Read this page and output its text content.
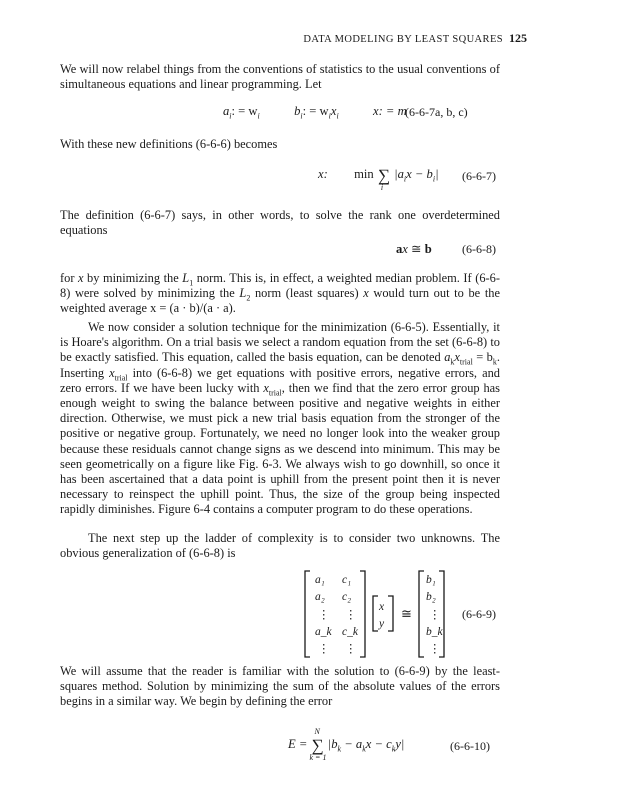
DATA MODELING BY LEAST SQUARES 125

We will now relabel things from the conventions of statistics to the usual conventions of simultaneous equations and linear programming. Let

$a_i$: = $w_i$	$b_i$: = $w_ix_i$	x: = m
(6-6-7a, b, c)

With these new definitions (6-6-6) becomes

x: min ∑
i
$|a_ix - b_i|$ (6-6-7)

The definition (6-6-7) says, in other words, to solve the rank one overdetermined equations

ax ≅ b	(6-6-8)

for x by minimizing the $L_1$ norm. This is, in effect, a weighted median problem. If (6-6-8) were solved by minimizing the $L_2$ norm (least squares) x would turn out to be the weighted average x = (a · b)/(a · a).

We now consider a solution technique for the minimization (6-6-5). Essentially, it is Hoare's algorithm. On a trial basis we select a random equation from the set (6-6-8) to be exactly satisfied. This equation, called the basis equation, can be denoted $a_kx_{trial} = b_k$. Inserting $x_{trial}$ into (6-6-8) we get equations with positive errors, negative errors, and zero errors. If we have been lucky with $x_{trial}$, then we find that the zero error group has enough weight to swing the balance between positive and negative weights in either direction. Otherwise, we must pick a new trial basis equation from the stronger of the positive or negative group. Fortunately, we need no longer look into the weaker group because these residuals cannot change signs as we descend into minimum. This may be seen geometrically on a figure like Fig. 6-3. We always wish to go downhill, so once it has been ascertained that a data point is uphill from the present point then it is never necessary to reinspect the uphill point. Thus, the size of the group being inspected rapidly diminishes. Figure 6-4 contains a computer program to do these operations.

The next step up the ladder of complexity is to consider two unknowns. The obvious generalization of (6-6-8) is

a₁ c₁
a₂ c₂
⋮ ⋮
a_k c_k
⋮ ⋮
x
y
≅
b₁
b₂
⋮
b_k
⋮
(6-6-9)

We will assume that the reader is familiar with the solution to (6-6-9) by the least-squares method. Solution by minimizing the sum of the absolute values of the errors begins in a similar way. We begin by defining the error

E = ∑
N
k = 1
$|b_k - a_kx - c_ky|$	(6-6-10)
